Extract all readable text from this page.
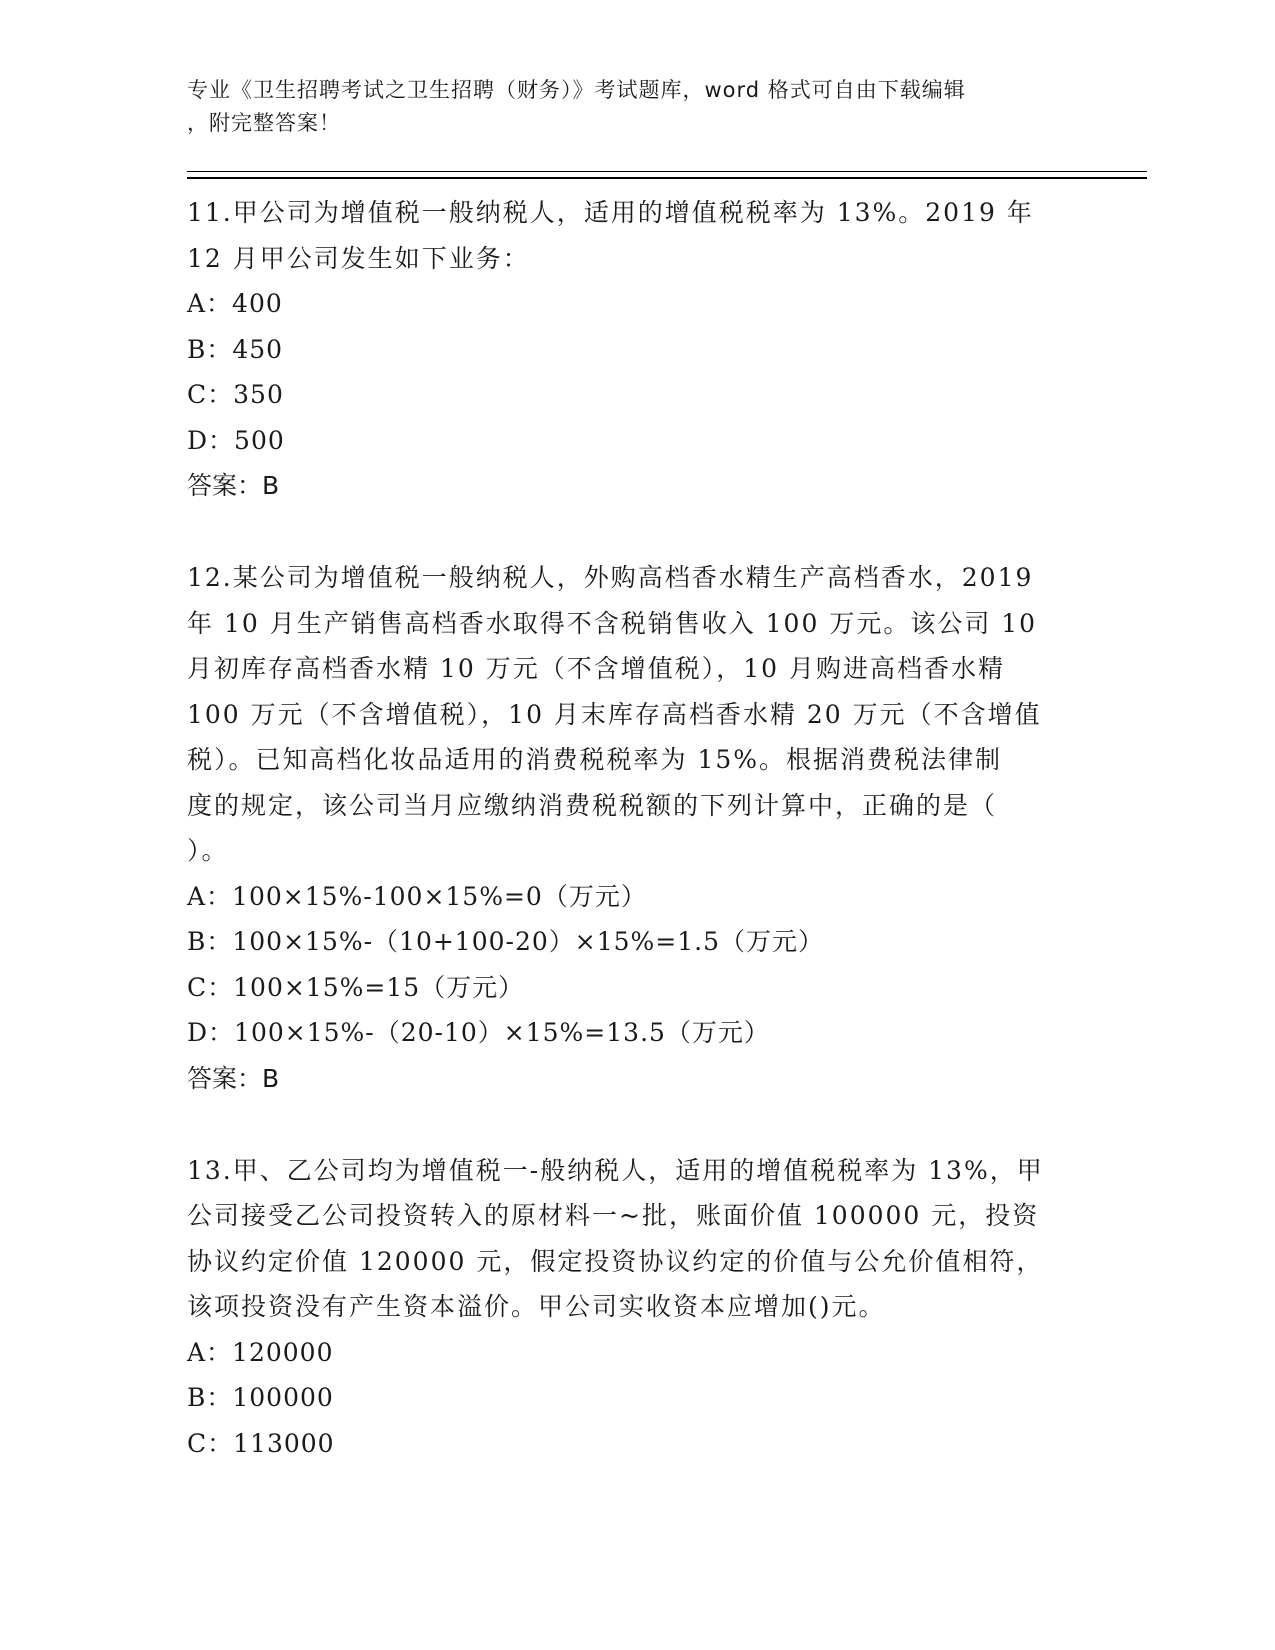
专业《卫生招聘考试之卫生招聘（财务）》考试题库，word 格式可自由下载编辑
，附完整答案！

11.甲公司为增值税一般纳税人，适用的增值税税率为 13%。2019 年

12 月甲公司发生如下业务：

A：400

B：450

C：350

D：500

答案：B

12.某公司为增值税一般纳税人，外购高档香水精生产高档香水，2019

年 10 月生产销售高档香水取得不含税销售收入 100 万元。该公司 10

月初库存高档香水精 10 万元（不含增值税），10 月购进高档香水精

100 万元（不含增值税），10 月末库存高档香水精 20 万元（不含增值

税）。已知高档化妆品适用的消费税税率为 15%。根据消费税法律制

度的规定，该公司当月应缴纳消费税税额的下列计算中，正确的是（

）。

A：100×15%-100×15%=0（万元）

B：100×15%-（10+100-20）×15%=1.5（万元）

C：100×15%=15（万元）

D：100×15%-（20-10）×15%=13.5（万元）

答案：B

13.甲、乙公司均为增值税一-般纳税人，适用的增值税税率为 13%，甲

公司接受乙公司投资转入的原材料一~批，账面价值 100000 元，投资

协议约定价值 120000 元，假定投资协议约定的价值与公允价值相符，

该项投资没有产生资本溢价。甲公司实收资本应增加()元。

A：120000

B：100000

C：113000
